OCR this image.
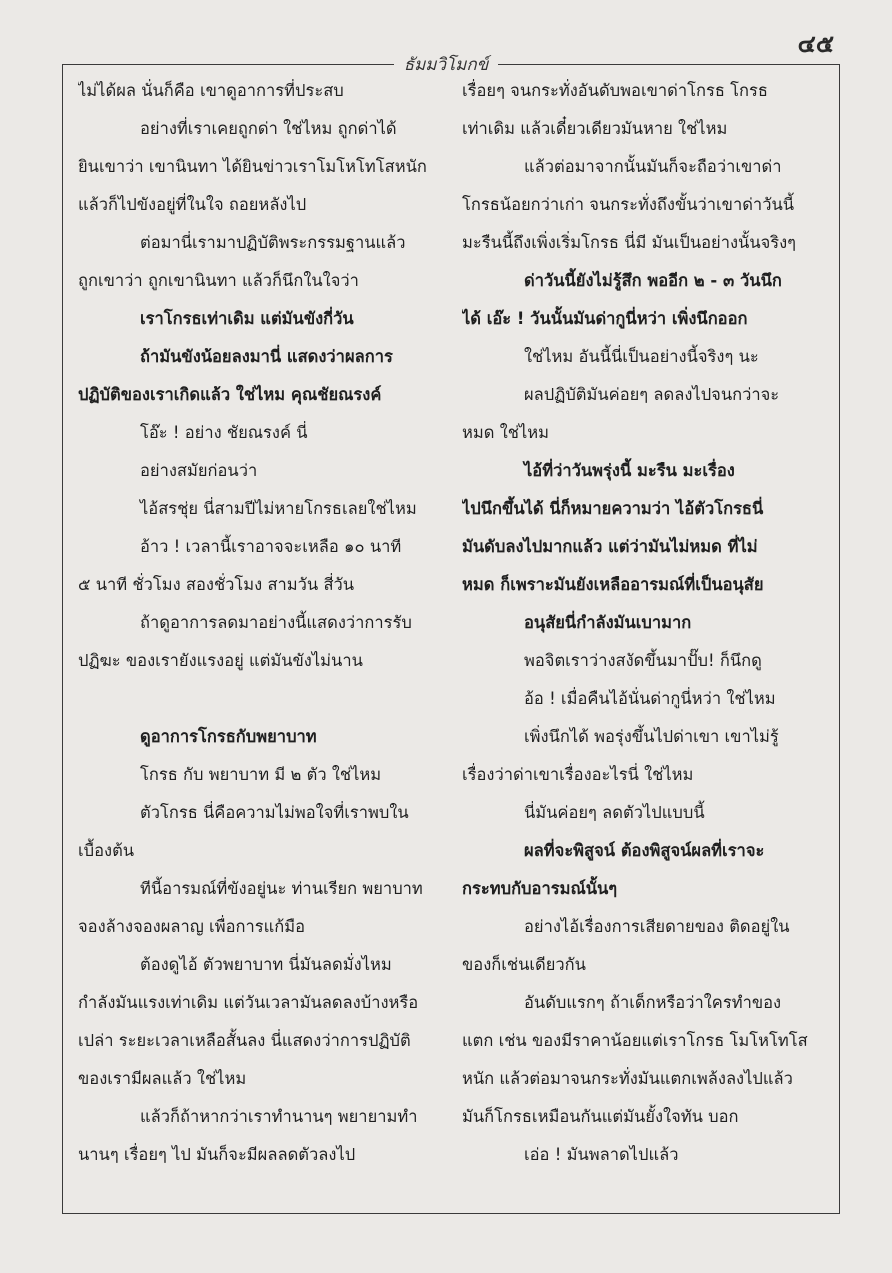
๔๕
ธัมมวิโมกข์
ไม่ได้ผล นั่นก็คือ เขาดูอาการที่ประสบ
อย่างที่เราเคยถูกด่า ใช่ไหม ถูกด่าได้
ยินเขาว่า เขานินทา ได้ยินข่าวเราโมโหโทโสหนัก
แล้วก็ไปขังอยู่ที่ในใจ ถอยหลังไป
ต่อมานี่เรามาปฏิบัติพระกรรมฐานแล้ว
ถูกเขาว่า ถูกเขานินทา แล้วก็นึกในใจว่า
เราโกรธเท่าเดิม แต่มันขังกี่วัน
ถ้ามันขังน้อยลงมานี่ แสดงว่าผลการ
ปฏิบัติของเราเกิดแล้ว ใช่ไหม คุณชัยณรงค์
โอ๊ะ ! อย่าง ชัยณรงค์ นี่
อย่างสมัยก่อนว่า
ไอ้สรชุ่ย นี่สามปีไม่หายโกรธเลยใช่ไหม
อ้าว ! เวลานี้เราอาจจะเหลือ ๑๐ นาที
๕ นาที ชั่วโมง สองชั่วโมง สามวัน สี่วัน
ถ้าดูอาการลดมาอย่างนี้แสดงว่าการรับ
ปฏิฆะ ของเรายังแรงอยู่ แต่มันขังไม่นาน
ดูอาการโกรธกับพยาบาท
โกรธ กับ พยาบาท มี ๒ ตัว ใช่ไหม
ตัวโกรธ นี่คือความไม่พอใจที่เราพบใน
เบื้องต้น
ทีนี้อารมณ์ที่ขังอยู่นะ ท่านเรียก พยาบาท
จองล้างจองผลาญ เพื่อการแก้มือ
ต้องดูไอ้ ตัวพยาบาท นี่มันลดมั่งไหม
กำลังมันแรงเท่าเดิม แต่วันเวลามันลดลงบ้างหรือ
เปล่า ระยะเวลาเหลือสั้นลง นี่แสดงว่าการปฏิบัติ
ของเรามีผลแล้ว ใช่ไหม
แล้วก็ถ้าหากว่าเราทำนานๆ พยายามทำ
นานๆ เรื่อยๆ ไป มันก็จะมีผลลดตัวลงไป
เรื่อยๆ จนกระทั่งอันดับพอเขาด่าโกรธ โกรธ
เท่าเดิม แล้วเดี๋ยวเดียวมันหาย ใช่ไหม
แล้วต่อมาจากนั้นมันก็จะถือว่าเขาด่า
โกรธน้อยกว่าเก่า จนกระทั่งถึงขั้นว่าเขาด่าวันนี้
มะรืนนี้ถึงเพิ่งเริ่มโกรธ นี่มี มันเป็นอย่างนั้นจริงๆ
ด่าวันนี้ยังไม่รู้สึก พออีก ๒ - ๓ วันนึก
ได้ เอ๊ะ ! วันนั้นมันด่ากูนี่หว่า เพิ่งนึกออก
ใช่ไหม อันนี้นี่เป็นอย่างนี้จริงๆ นะ
ผลปฏิบัติมันค่อยๆ ลดลงไปจนกว่าจะ
หมด ใช่ไหม
ไอ้ที่ว่าวันพรุ่งนี้ มะรืน มะเรื่อง
ไปนึกขึ้นได้ นี่ก็หมายความว่า ไอ้ตัวโกรธนี่
มันดับลงไปมากแล้ว แต่ว่ามันไม่หมด ที่ไม่
หมด ก็เพราะมันยังเหลืออารมณ์ที่เป็นอนุสัย
อนุสัยนี่กำลังมันเบามาก
พอจิตเราว่างสงัดขึ้นมาปั๊บ! ก็นึกดู
อ้อ ! เมื่อคืนไอ้นั่นด่ากูนี่หว่า ใช่ไหม
เพิ่งนึกได้ พอรุ่งขึ้นไปด่าเขา เขาไม่รู้
เรื่องว่าด่าเขาเรื่องอะไรนี่ ใช่ไหม
นี่มันค่อยๆ ลดตัวไปแบบนี้
ผลที่จะพิสูจน์ ต้องพิสูจน์ผลที่เราจะ
กระทบกับอารมณ์นั้นๆ
อย่างไอ้เรื่องการเสียดายของ ติดอยู่ใน
ของก็เช่นเดียวกัน
อันดับแรกๆ ถ้าเด็กหรือว่าใครทำของ
แตก เช่น ของมีราคาน้อยแต่เราโกรธ โมโหโทโส
หนัก แล้วต่อมาจนกระทั่งมันแตกเพล้งลงไปแล้ว
มันก็โกรธเหมือนกันแต่มันยั้งใจทัน บอก
เอ่อ ! มันพลาดไปแล้ว
